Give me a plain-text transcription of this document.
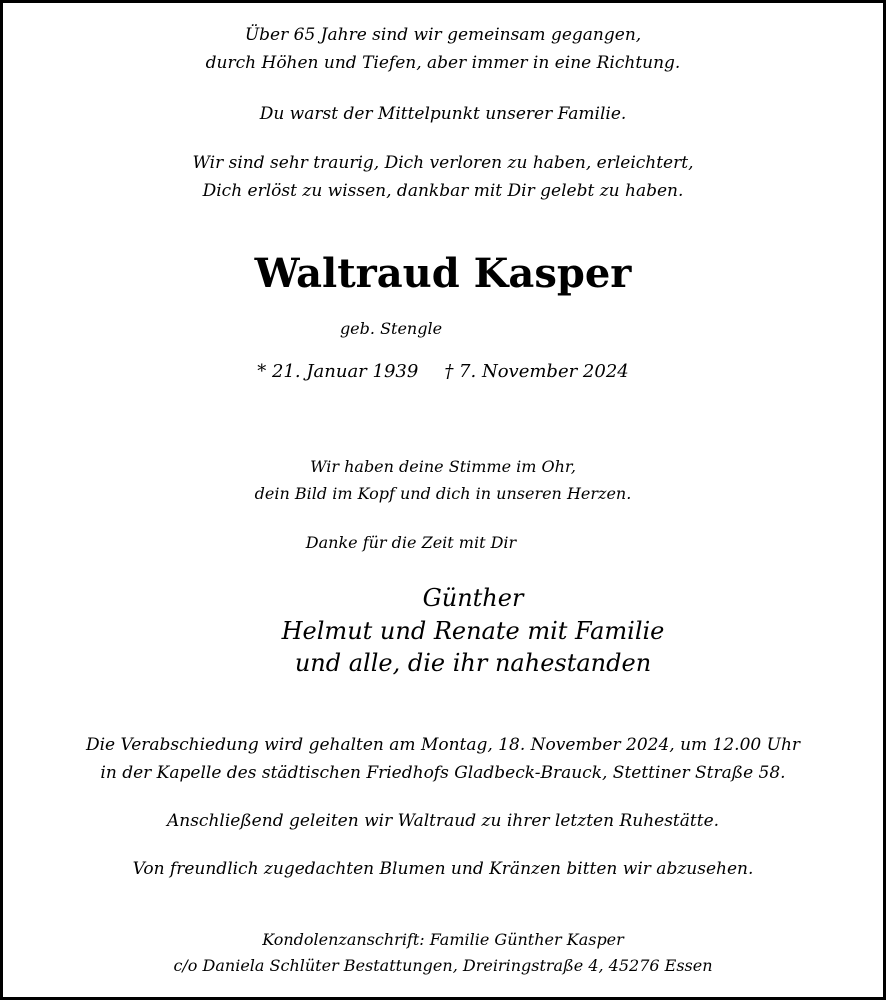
Über 65 Jahre sind wir gemeinsam gegangen,
durch Höhen und Tiefen, aber immer in eine Richtung.
Du warst der Mittelpunkt unserer Familie.
Wir sind sehr traurig, Dich verloren zu haben, erleichtert,
Dich erlöst zu wissen, dankbar mit Dir gelebt zu haben.
Waltraud Kasper
geb. Stengle
* 21. Januar 1939 † 7. November 2024
Wir haben deine Stimme im Ohr,
dein Bild im Kopf und dich in unseren Herzen.
Danke für die Zeit mit Dir
Günther
Helmut und Renate mit Familie
und alle, die ihr nahestanden
Die Verabschiedung wird gehalten am Montag, 18. November 2024, um 12.00 Uhr
in der Kapelle des städtischen Friedhofs Gladbeck-Brauck, Stettiner Straße 58.
Anschließend geleiten wir Waltraud zu ihrer letzten Ruhestätte.
Von freundlich zugedachten Blumen und Kränzen bitten wir abzusehen.
Kondolenzanschrift: Familie Günther Kasper
c/o Daniela Schlüter Bestattungen, Dreiringstraße 4, 45276 Essen
